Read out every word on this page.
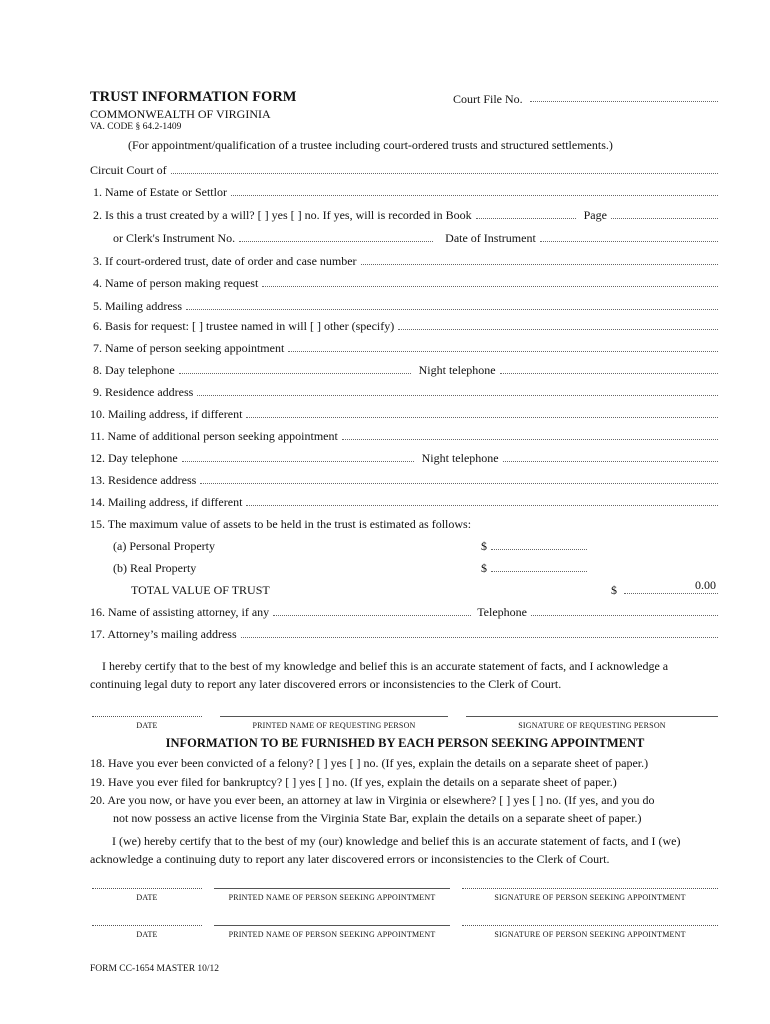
TRUST INFORMATION FORM	Court File No.
COMMONWEALTH OF VIRGINIA
VA. CODE § 64.2-1409
(For appointment/qualification of a trustee including court-ordered trusts and structured settlements.)
Circuit Court of
1. Name of Estate or Settlor
2. Is this a trust created by a will? [ ] yes [ ] no. If yes, will is recorded in Book	Page
or Clerk's Instrument No.	Date of Instrument
3. If court-ordered trust, date of order and case number
4. Name of person making request
5. Mailing address
6. Basis for request: [ ] trustee named in will [ ] other (specify)
7. Name of person seeking appointment
8. Day telephone	Night telephone
9. Residence address
10. Mailing address, if different
11. Name of additional person seeking appointment
12. Day telephone	Night telephone
13. Residence address
14. Mailing address, if different
15. The maximum value of assets to be held in the trust is estimated as follows:
(a) Personal Property	$
(b) Real Property	$
TOTAL VALUE OF TRUST	$	0.00
16. Name of assisting attorney, if any	Telephone
17. Attorney’s mailing address
I hereby certify that to the best of my knowledge and belief this is an accurate statement of facts, and I acknowledge a continuing legal duty to report any later discovered errors or inconsistencies to the Clerk of Court.
DATE	PRINTED NAME OF REQUESTING PERSON	SIGNATURE OF REQUESTING PERSON
INFORMATION TO BE FURNISHED BY EACH PERSON SEEKING APPOINTMENT
18. Have you ever been convicted of a felony? [ ] yes [ ] no. (If yes, explain the details on a separate sheet of paper.)
19. Have you ever filed for bankruptcy? [ ] yes [ ] no. (If yes, explain the details on a separate sheet of paper.)
20. Are you now, or have you ever been, an attorney at law in Virginia or elsewhere? [ ] yes [ ] no. (If yes, and you do
not now possess an active license from the Virginia State Bar, explain the details on a separate sheet of paper.)
I (we) hereby certify that to the best of my (our) knowledge and belief this is an accurate statement of facts, and I (we) acknowledge a continuing duty to report any later discovered errors or inconsistencies to the Clerk of Court.
DATE	PRINTED NAME OF PERSON SEEKING APPOINTMENT	SIGNATURE OF PERSON SEEKING APPOINTMENT
DATE	PRINTED NAME OF PERSON SEEKING APPOINTMENT	SIGNATURE OF PERSON SEEKING APPOINTMENT
FORM CC-1654 MASTER 10/12
